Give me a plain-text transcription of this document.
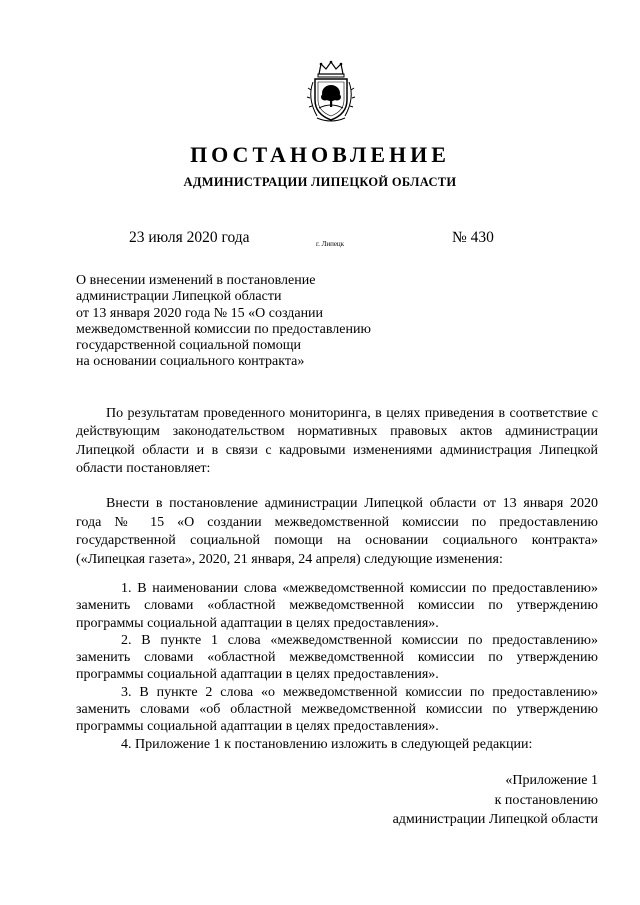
ПОСТАНОВЛЕНИЕ
АДМИНИСТРАЦИИ ЛИПЕЦКОЙ ОБЛАСТИ
23 июля 2020 года	г. Липецк	№ 430
О внесении изменений в постановление
администрации Липецкой области
от 13 января 2020 года № 15 «О создании
межведомственной комиссии по предоставлению
государственной социальной помощи
на основании социального контракта»
По результатам проведенного мониторинга, в целях приведения в соответствие с действующим законодательством нормативных правовых актов администрации Липецкой области и в связи с кадровыми изменениями администрация Липецкой области постановляет:
Внести в постановление администрации Липецкой области от 13 января 2020 года № 15 «О создании межведомственной комиссии по предоставлению государственной социальной помощи на основании социального контракта» («Липецкая газета», 2020, 21 января, 24 апреля) следующие изменения:

1. В наименовании слова «межведомственной комиссии по предоставлению» заменить словами «областной межведомственной комиссии по утверждению программы социальной адаптации в целях предоставления».

2. В пункте 1 слова «межведомственной комиссии по предоставлению» заменить словами «областной межведомственной комиссии по утверждению программы социальной адаптации в целях предоставления».

3. В пункте 2 слова «о межведомственной комиссии по предоставлению» заменить словами «об областной межведомственной комиссии по утверждению программы социальной адаптации в целях предоставления».

4. Приложение 1 к постановлению изложить в следующей редакции:

«Приложение 1
к постановлению
администрации Липецкой области
